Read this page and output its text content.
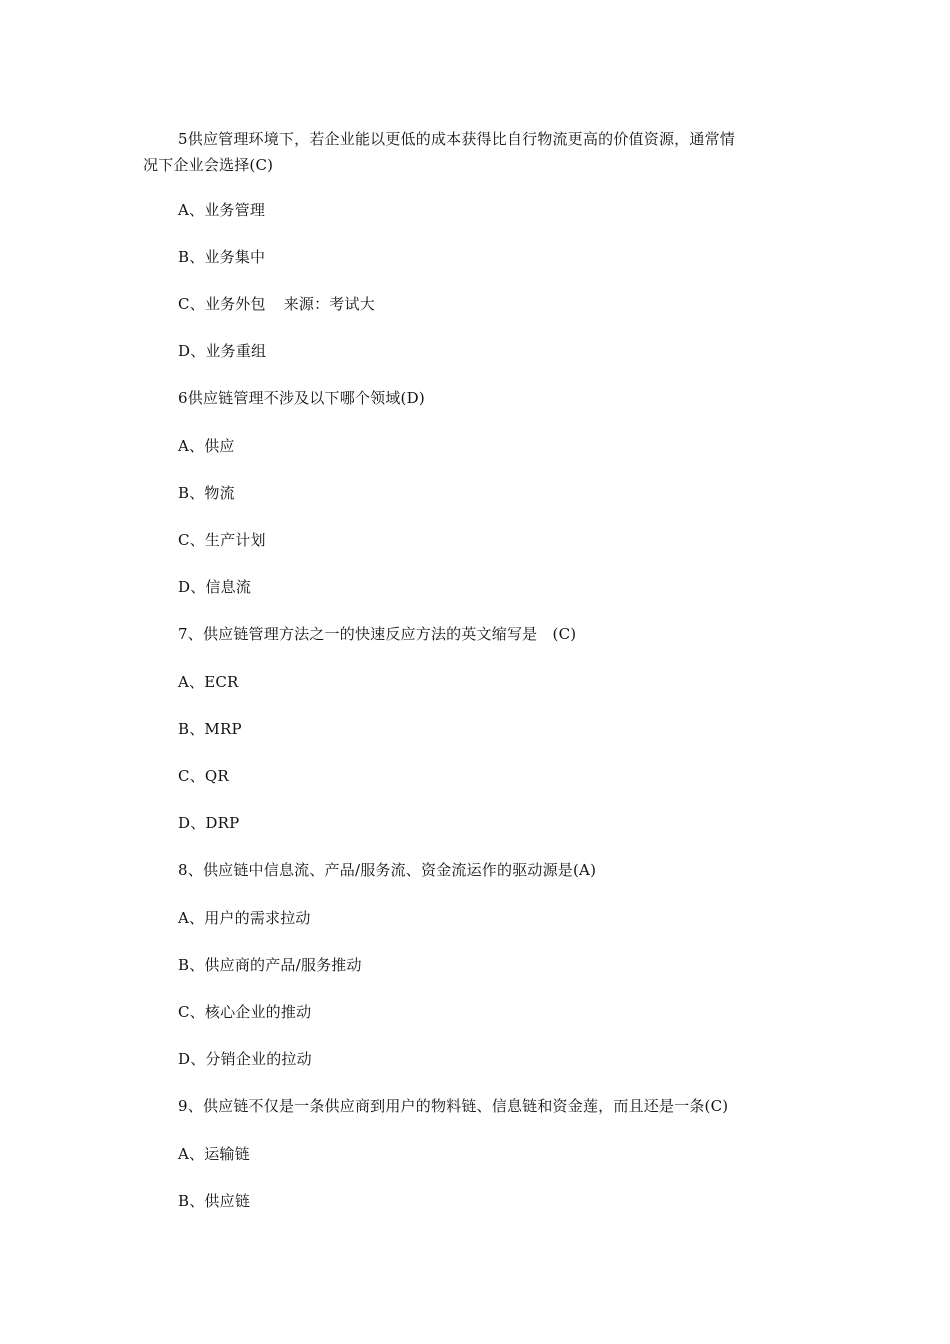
5供应管理环境下，若企业能以更低的成本获得比自行物流更高的价值资源，通常情
况下企业会选择(C)
A、业务管理
B、业务集中
C、业务外包 来源：考试大
D、业务重组
6供应链管理不涉及以下哪个领域(D)
A、供应
B、物流
C、生产计划
D、信息流
7、供应链管理方法之一的快速反应方法的英文缩写是　(C)
A、ECR
B、MRP
C、QR
D、DRP
8、供应链中信息流、产品/服务流、资金流运作的驱动源是(A)
A、用户的需求拉动
B、供应商的产品/服务推动
C、核心企业的推动
D、分销企业的拉动
9、供应链不仅是一条供应商到用户的物料链、信息链和资金莲，而且还是一条(C)
A、运输链
B、供应链
